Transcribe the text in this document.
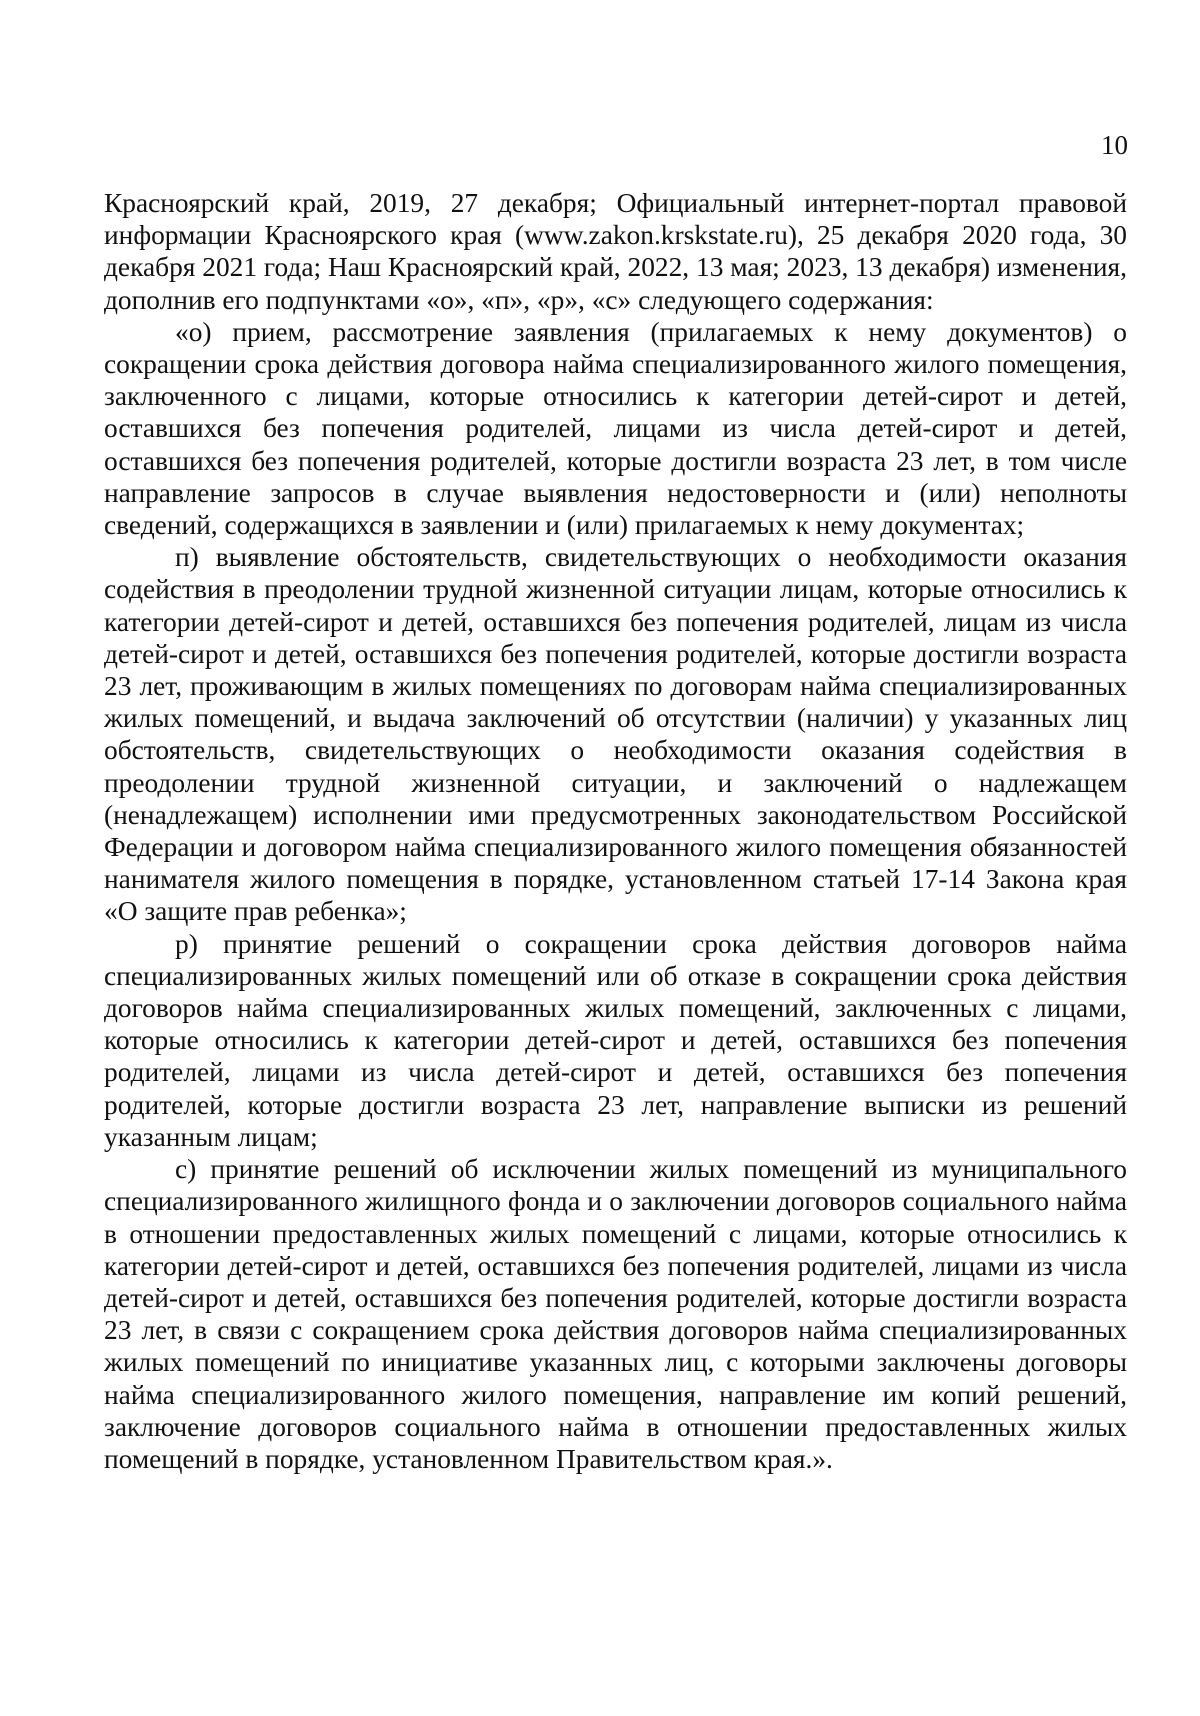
10

Красноярский край, 2019, 27 декабря; Официальный интернет-портал правовой информации Красноярского края (www.zakon.krskstate.ru), 25 декабря 2020 года, 30 декабря 2021 года; Наш Красноярский край, 2022, 13 мая; 2023, 13 декабря) изменения, дополнив его подпунктами «о», «п», «р», «с» следующего содержания:

«о) прием, рассмотрение заявления (прилагаемых к нему документов) о сокращении срока действия договора найма специализированного жилого помещения, заключенного с лицами, которые относились к категории детей-сирот и детей, оставшихся без попечения родителей, лицами из числа детей-сирот и детей, оставшихся без попечения родителей, которые достигли возраста 23 лет, в том числе направление запросов в случае выявления недостоверности и (или) неполноты сведений, содержащихся в заявлении и (или) прилагаемых к нему документах;

п) выявление обстоятельств, свидетельствующих о необходимости оказания содействия в преодолении трудной жизненной ситуации лицам, которые относились к категории детей-сирот и детей, оставшихся без попечения родителей, лицам из числа детей-сирот и детей, оставшихся без попечения родителей, которые достигли возраста 23 лет, проживающим в жилых помещениях по договорам найма специализированных жилых помещений, и выдача заключений об отсутствии (наличии) у указанных лиц обстоятельств, свидетельствующих о необходимости оказания содействия в преодолении трудной жизненной ситуации, и заключений о надлежащем (ненадлежащем) исполнении ими предусмотренных законодательством Российской Федерации и договором найма специализированного жилого помещения обязанностей нанимателя жилого помещения в порядке, установленном статьей 17-14 Закона края «О защите прав ребенка»;

р) принятие решений о сокращении срока действия договоров найма специализированных жилых помещений или об отказе в сокращении срока действия договоров найма специализированных жилых помещений, заключенных с лицами, которые относились к категории детей-сирот и детей, оставшихся без попечения родителей, лицами из числа детей-сирот и детей, оставшихся без попечения родителей, которые достигли возраста 23 лет, направление выписки из решений указанным лицам;

с) принятие решений об исключении жилых помещений из муниципального специализированного жилищного фонда и о заключении договоров социального найма в отношении предоставленных жилых помещений с лицами, которые относились к категории детей-сирот и детей, оставшихся без попечения родителей, лицами из числа детей-сирот и детей, оставшихся без попечения родителей, которые достигли возраста 23 лет, в связи с сокращением срока действия договоров найма специализированных жилых помещений по инициативе указанных лиц, с которыми заключены договоры найма специализированного жилого помещения, направление им копий решений, заключение договоров социального найма в отношении предоставленных жилых помещений в порядке, установленном Правительством края.».
